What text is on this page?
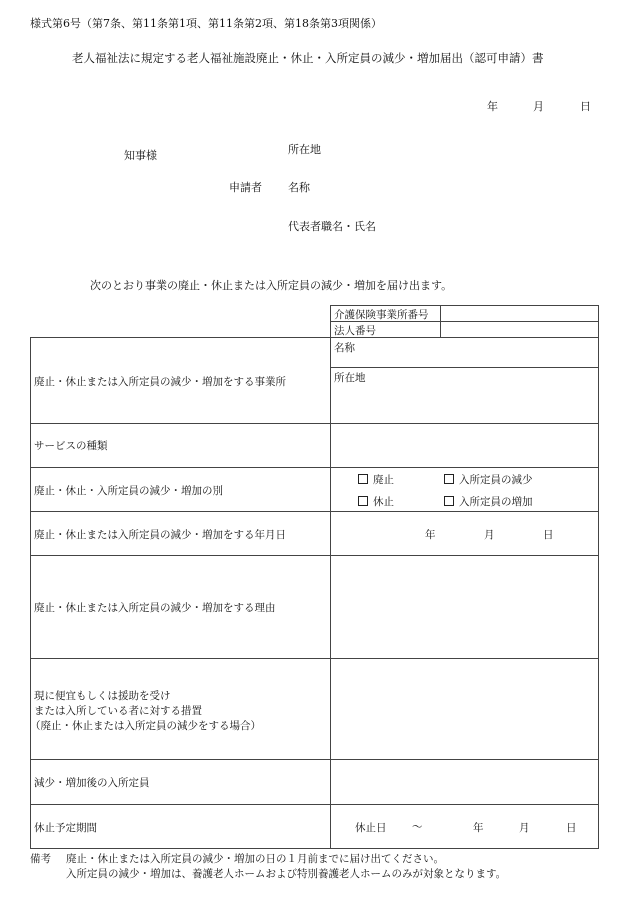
様式第6号（第7条、第11条第1項、第11条第2項、第18条第3項関係）
老人福祉法に規定する老人福祉施設廃止・休止・入所定員の減少・増加届出（認可申請）書
年	月	日
知事様	所在地
申請者 名称
代表者職名・氏名
次のとおり事業の廃止・休止または入所定員の減少・増加を届け出ます。
介護保険事業所番号
法人番号
廃止・休止または入所定員の減少・増加をする事業所
名称
所在地
サービスの種類
廃止・休止・入所定員の減少・増加の別
廃止	入所定員の減少
休止	入所定員の増加
廃止・休止または入所定員の減少・増加をする年月日	年	月	日
廃止・休止または入所定員の減少・増加をする理由
現に便宜もしくは援助を受け
または入所している者に対する措置
（廃止・休止または入所定員の減少をする場合）
減少・増加後の入所定員
休止予定期間	休止日 ～	年	月	日
備考 廃止・休止または入所定員の減少・増加の日の１月前までに届け出てください。
入所定員の減少・増加は、養護老人ホームおよび特別養護老人ホームのみが対象となります。
